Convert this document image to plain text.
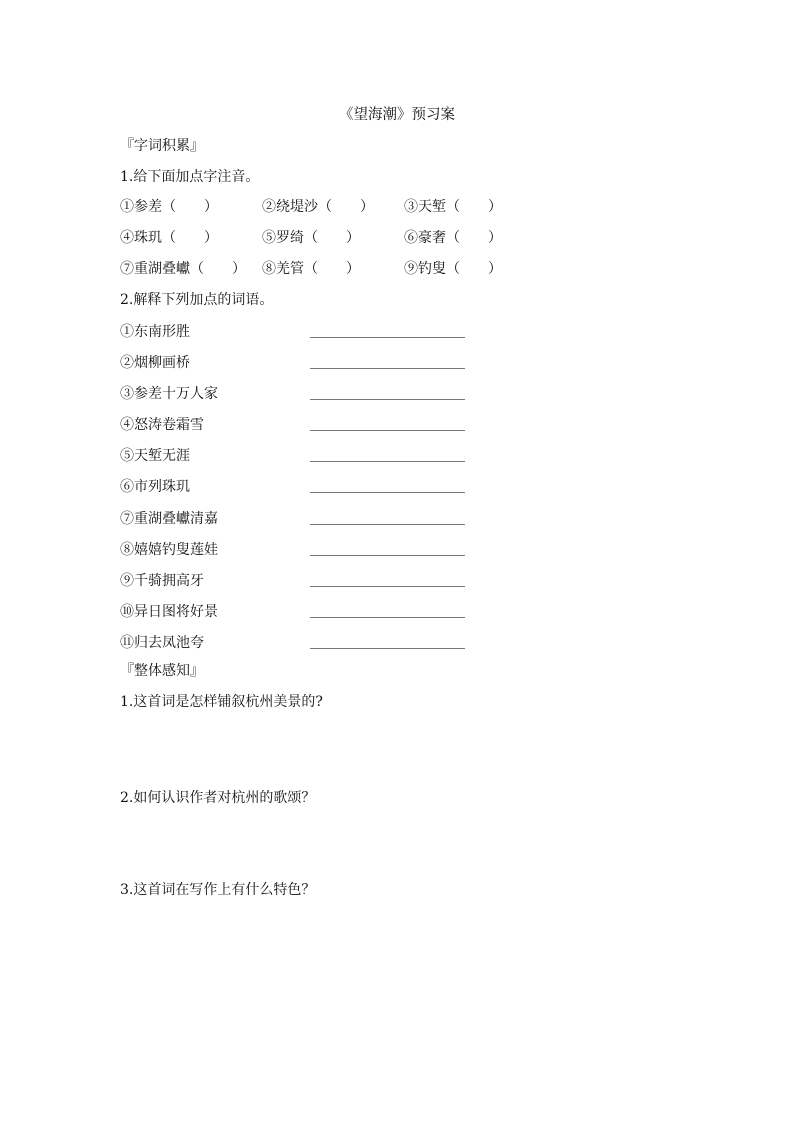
《望海潮》预习案
『字词积累』
1.给下面加点字注音。
①参差（　　）	②绕堤沙（　　） ③天堑（　　）
④珠玑（　　）	⑤罗绮（　　）	⑥豪奢（　　）
⑦重湖叠巘（　　） ⑧羌管（　　）	⑨钓叟（　　）
2.解释下列加点的词语。
①东南形胜
②烟柳画桥
③参差十万人家
④怒涛卷霜雪
⑤天堑无涯
⑥市列珠玑
⑦重湖叠巘清嘉
⑧嬉嬉钓叟莲娃
⑨千骑拥高牙
⑩异日图将好景
⑪归去凤池夸
『整体感知』
1.这首词是怎样铺叙杭州美景的?
2.如何认识作者对杭州的歌颂？
3.这首词在写作上有什么特色？
